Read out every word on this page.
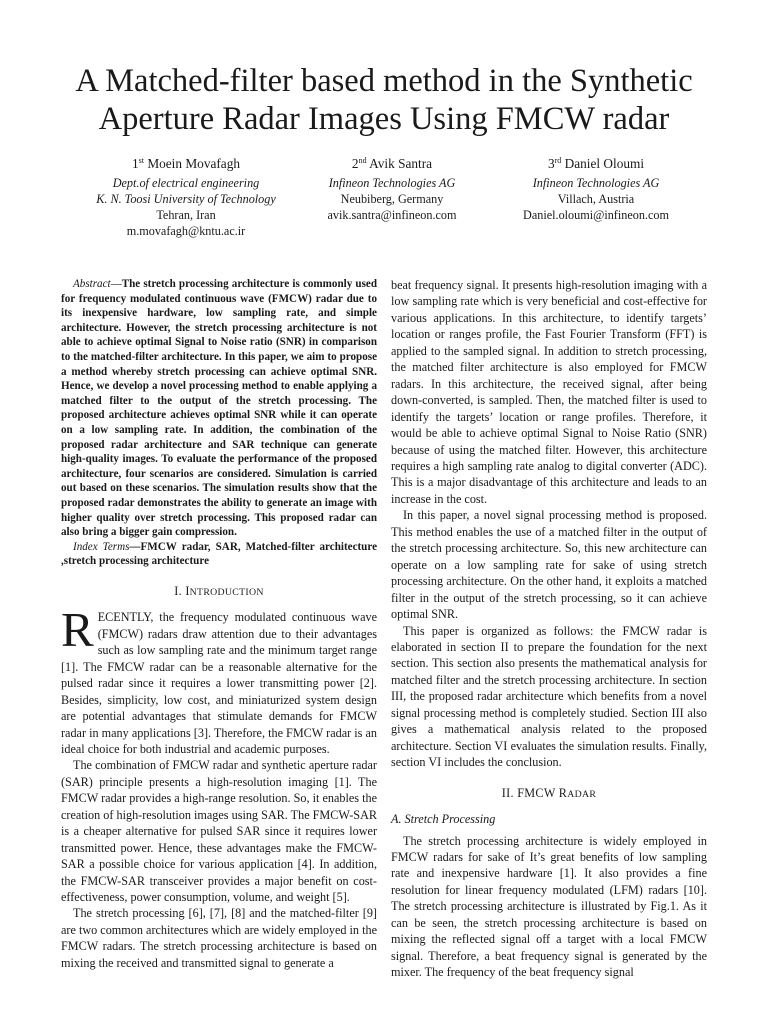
A Matched-filter based method in the Synthetic
Aperture Radar Images Using FMCW radar
1st Moein Movafagh
Dept.of electrical engineering
K. N. Toosi University of Technology
Tehran, Iran
m.movafagh@kntu.ac.ir
2nd Avik Santra
Infineon Technologies AG
Neubiberg, Germany
avik.santra@infineon.com
3rd Daniel Oloumi
Infineon Technologies AG
Villach, Austria
Daniel.oloumi@infineon.com

Abstract—The stretch processing architecture is commonly used for frequency modulated continuous wave (FMCW) radar due to its inexpensive hardware, low sampling rate, and simple architecture. However, the stretch processing architecture is not able to achieve optimal Signal to Noise ratio (SNR) in comparison to the matched-filter architecture. In this paper, we aim to propose a method whereby stretch processing can achieve optimal SNR. Hence, we develop a novel processing method to enable applying a matched filter to the output of the stretch processing. The proposed architecture achieves optimal SNR while it can operate on a low sampling rate. In addition, the combination of the proposed radar architecture and SAR technique can generate high-quality images. To evaluate the performance of the proposed architecture, four scenarios are considered. Simulation is carried out based on these scenarios. The simulation results show that the proposed radar demonstrates the ability to generate an image with higher quality over stretch processing. This proposed radar can also bring a bigger gain compression.

Index Terms—FMCW radar, SAR, Matched-filter architecture ,stretch processing architecture

I. INTRODUCTION

RECENTLY, the frequency modulated continuous wave (FMCW) radars draw attention due to their advantages such as low sampling rate and the minimum target range [1]. The FMCW radar can be a reasonable alternative for the pulsed radar since it requires a lower transmitting power [2]. Besides, simplicity, low cost, and miniaturized system design are potential advantages that stimulate demands for FMCW radar in many applications [3]. Therefore, the FMCW radar is an ideal choice for both industrial and academic purposes.

The combination of FMCW radar and synthetic aperture radar (SAR) principle presents a high-resolution imaging [1]. The FMCW radar provides a high-range resolution. So, it enables the creation of high-resolution images using SAR. The FMCW-SAR is a cheaper alternative for pulsed SAR since it requires lower transmitted power. Hence, these advantages make the FMCW-SAR a possible choice for various application [4]. In addition, the FMCW-SAR transceiver provides a major benefit on cost-effectiveness, power consumption, volume, and weight [5].

The stretch processing [6], [7], [8] and the matched-filter [9] are two common architectures which are widely employed in the FMCW radars. The stretch processing architecture is based on mixing the received and transmitted signal to generate a

beat frequency signal. It presents high-resolution imaging with a low sampling rate which is very beneficial and cost-effective for various applications. In this architecture, to identify targets’ location or ranges profile, the Fast Fourier Transform (FFT) is applied to the sampled signal. In addition to stretch processing, the matched filter architecture is also employed for FMCW radars. In this architecture, the received signal, after being down-converted, is sampled. Then, the matched filter is used to identify the targets’ location or range profiles. Therefore, it would be able to achieve optimal Signal to Noise Ratio (SNR) because of using the matched filter. However, this architecture requires a high sampling rate analog to digital converter (ADC). This is a major disadvantage of this architecture and leads to an increase in the cost.

In this paper, a novel signal processing method is proposed. This method enables the use of a matched filter in the output of the stretch processing architecture. So, this new architecture can operate on a low sampling rate for sake of using stretch processing architecture. On the other hand, it exploits a matched filter in the output of the stretch processing, so it can achieve optimal SNR.

This paper is organized as follows: the FMCW radar is elaborated in section II to prepare the foundation for the next section. This section also presents the mathematical analysis for matched filter and the stretch processing architecture. In section III, the proposed radar architecture which benefits from a novel signal processing method is completely studied. Section III also gives a mathematical analysis related to the proposed architecture. Section VI evaluates the simulation results. Finally, section VI includes the conclusion.

II. FMCW RADAR
A. Stretch Processing

The stretch processing architecture is widely employed in FMCW radars for sake of It’s great benefits of low sampling rate and inexpensive hardware [1]. It also provides a fine resolution for linear frequency modulated (LFM) radars [10]. The stretch processing architecture is illustrated by Fig.1. As it can be seen, the stretch processing architecture is based on mixing the reflected signal off a target with a local FMCW signal. Therefore, a beat frequency signal is generated by the mixer. The frequency of the beat frequency signal
